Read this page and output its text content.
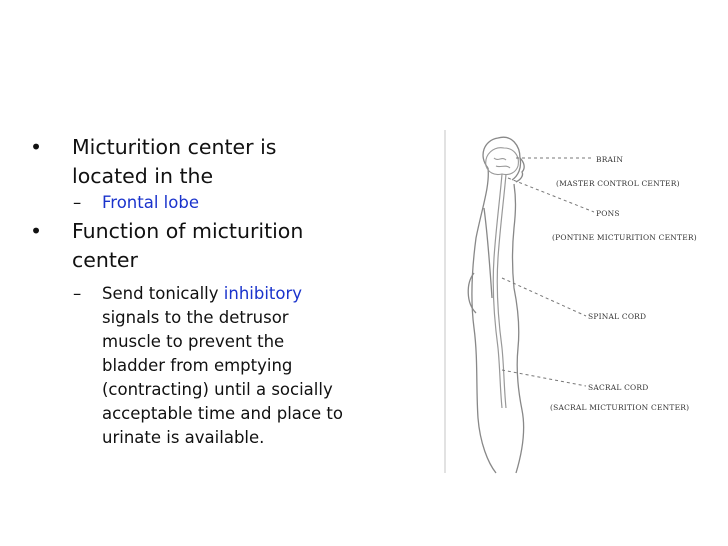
• Micturition center is
located in the
– Frontal lobe
• Function of micturition
center
– Send tonically inhibitory
signals to the detrusor
muscle to prevent the
bladder from emptying
(contracting) until a socially
acceptable time and place to
urinate is available.
BRAIN
(MASTER CONTROL CENTER)
PONS
(PONTINE MICTURITION CENTER)
SPINAL CORD
SACRAL CORD
(SACRAL MICTURITION CENTER)
